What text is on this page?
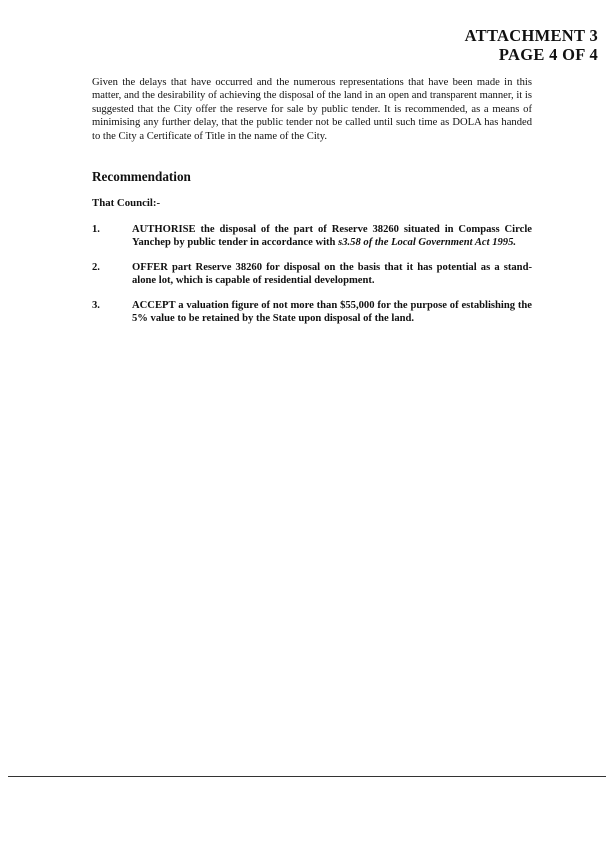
ATTACHMENT 3
PAGE 4 OF 4

Given the delays that have occurred and the numerous representations that have been made in this matter, and the desirability of achieving the disposal of the land in an open and transparent manner, it is suggested that the City offer the reserve for sale by public tender. It is recommended, as a means of minimising any further delay, that the public tender not be called until such time as DOLA has handed to the City a Certificate of Title in the name of the City.

Recommendation

That Council:-

1.	AUTHORISE the disposal of the part of Reserve 38260 situated in Compass Circle Yanchep by public tender in accordance with s3.58 of the Local Government Act 1995.
2.	OFFER part Reserve 38260 for disposal on the basis that it has potential as a stand-alone lot, which is capable of residential development.
3.	ACCEPT a valuation figure of not more than $55,000 for the purpose of establishing the 5% value to be retained by the State upon disposal of the land.
